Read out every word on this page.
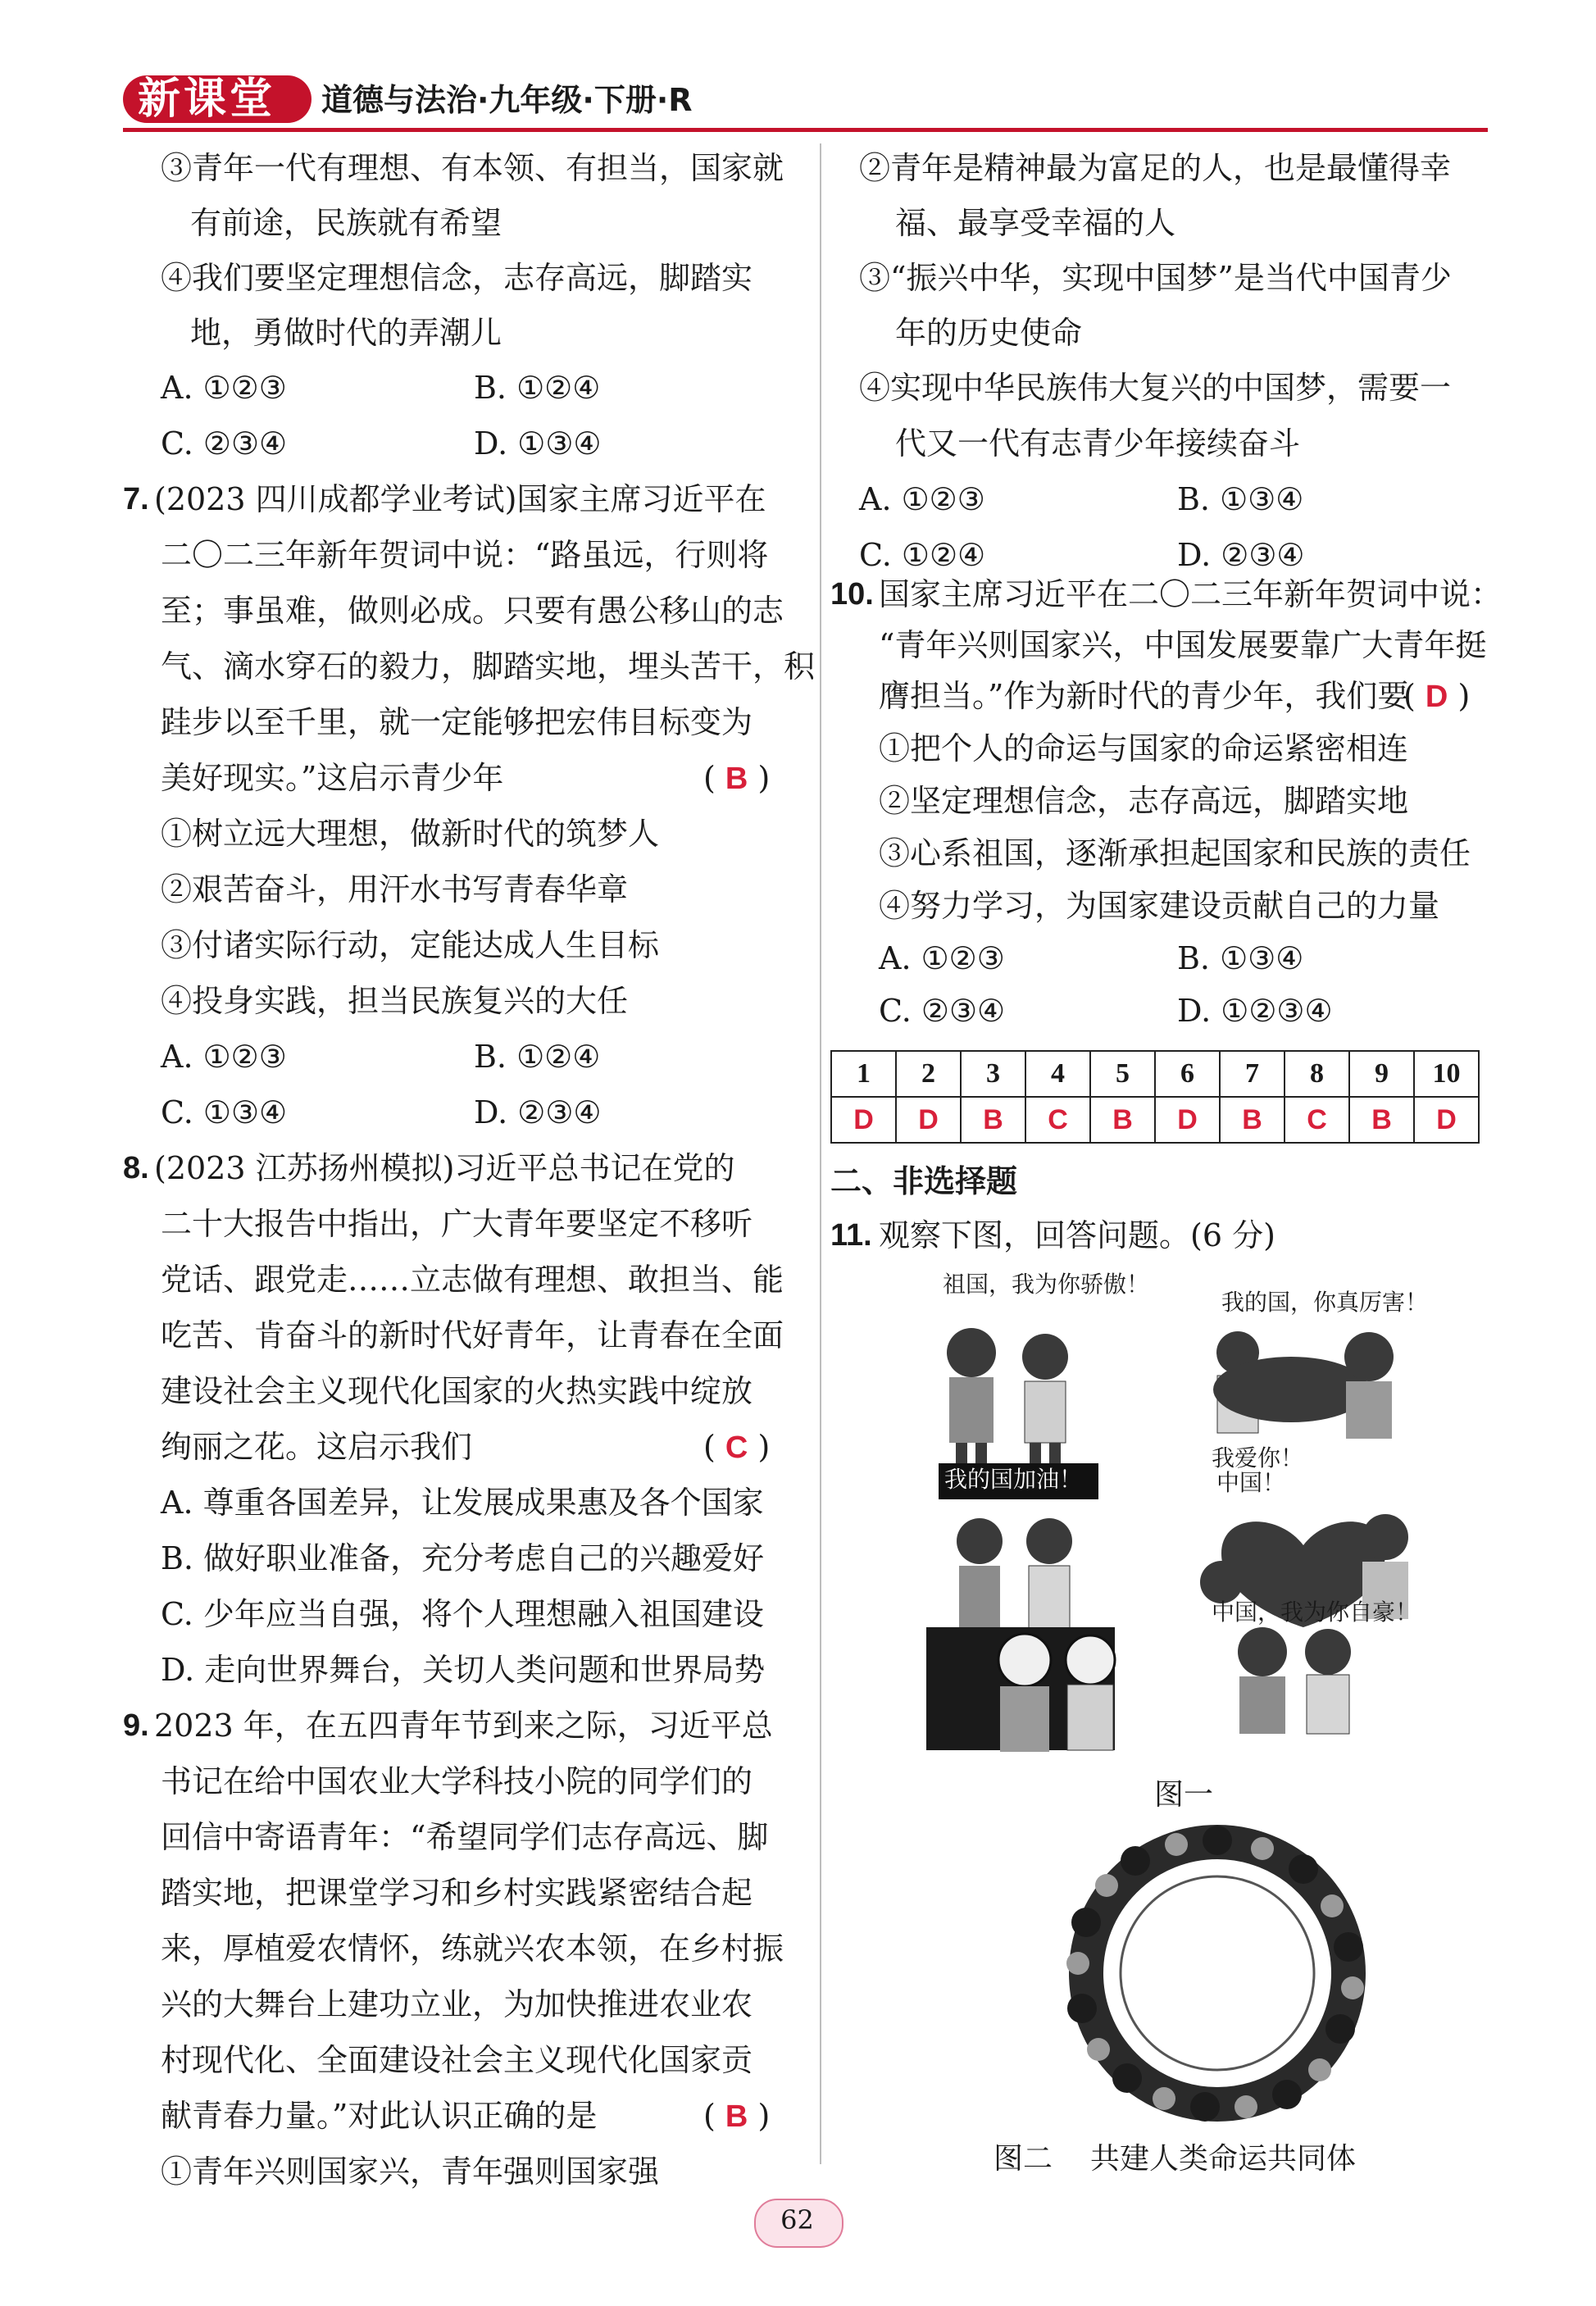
新课堂 道德与法治·九年级·下册·R
③青年一代有理想、有本领、有担当，国家就
有前途，民族就有希望
④我们要坚定理想信念，志存高远，脚踏实
地，勇做时代的弄潮儿
A. ①②③	B. ①②④
C. ②③④	D. ①③④
7. (2023 四川成都学业考试)国家主席习近平在
二〇二三年新年贺词中说：“路虽远，行则将
至；事虽难，做则必成。只要有愚公移山的志
气、滴水穿石的毅力，脚踏实地，埋头苦干，积
跬步以至千里，就一定能够把宏伟目标变为
美好现实。”这启示青少年	( B )
①树立远大理想，做新时代的筑梦人
②艰苦奋斗，用汗水书写青春华章
③付诸实际行动，定能达成人生目标
④投身实践，担当民族复兴的大任
A. ①②③	B. ①②④
C. ①③④	D. ②③④
8. (2023 江苏扬州模拟)习近平总书记在党的
二十大报告中指出，广大青年要坚定不移听
党话、跟党走……立志做有理想、敢担当、能
吃苦、肯奋斗的新时代好青年，让青春在全面
建设社会主义现代化国家的火热实践中绽放
绚丽之花。这启示我们	( C )
A. 尊重各国差异，让发展成果惠及各个国家
B. 做好职业准备，充分考虑自己的兴趣爱好
C. 少年应当自强，将个人理想融入祖国建设
D. 走向世界舞台，关切人类问题和世界局势
9. 2023 年，在五四青年节到来之际，习近平总
书记在给中国农业大学科技小院的同学们的
回信中寄语青年：“希望同学们志存高远、脚
踏实地，把课堂学习和乡村实践紧密结合起
来，厚植爱农情怀，练就兴农本领，在乡村振
兴的大舞台上建功立业，为加快推进农业农
村现代化、全面建设社会主义现代化国家贡
献青春力量。”对此认识正确的是	( B )
①青年兴则国家兴，青年强则国家强
②青年是精神最为富足的人，也是最懂得幸
福、最享受幸福的人
③“振兴中华，实现中国梦”是当代中国青少
年的历史使命
④实现中华民族伟大复兴的中国梦，需要一
代又一代有志青少年接续奋斗
A. ①②③	B. ①③④
C. ①②④	D. ②③④
10. 国家主席习近平在二〇二三年新年贺词中说：
“青年兴则国家兴，中国发展要靠广大青年挺
膺担当。”作为新时代的青少年，我们要
( D )
①把个人的命运与国家的命运紧密相连
②坚定理想信念，志存高远，脚踏实地
③心系祖国，逐渐承担起国家和民族的责任
④努力学习，为国家建设贡献自己的力量
A. ①②③	B. ①③④
C. ②③④	D. ①②③④
1	2	3	4	5	6	7	8	9	10
D	D	B	C	B	D	B	C	B	D
二、非选择题
11. 观察下图，回答问题。(6 分)
祖国，我为你骄傲！
我的国，你真厉害！
我的国加油！
我爱你！
中国！
中国，我为你自豪！
图一
图二 共建人类命运共同体
62
